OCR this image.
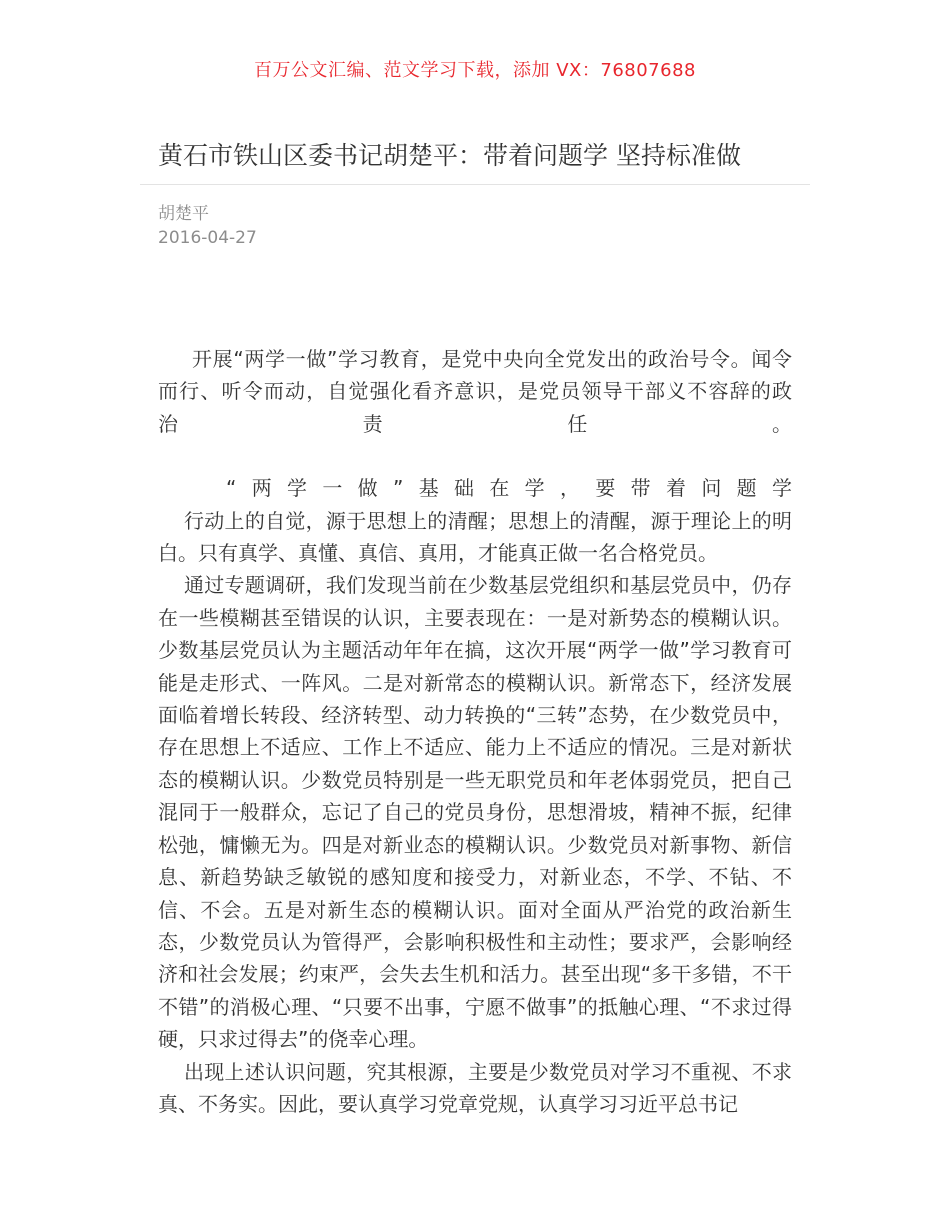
百万公文汇编、范文学习下载，添加 VX：76807688
黄石市铁山区委书记胡楚平：带着问题学 坚持标准做
胡楚平
2016-04-27

开展“两学一做”学习教育，是党中央向全党发出的政治号令。闻令

而行、听令而动，自觉强化看齐意识，是党员领导干部义不容辞的政

治　责　任　。

“两学一做”基础在学，要带着问题学

行动上的自觉，源于思想上的清醒；思想上的清醒，源于理论上的明白。只有真学、真懂、真信、真用，才能真正做一名合格党员。

通过专题调研，我们发现当前在少数基层党组织和基层党员中，仍存在一些模糊甚至错误的认识，主要表现在：一是对新势态的模糊认识。少数基层党员认为主题活动年年在搞，这次开展“两学一做”学习教育可能是走形式、一阵风。二是对新常态的模糊认识。新常态下，经济发展面临着增长转段、经济转型、动力转换的“三转”态势，在少数党员中，存在思想上不适应、工作上不适应、能力上不适应的情况。三是对新状态的模糊认识。少数党员特别是一些无职党员和年老体弱党员，把自己混同于一般群众，忘记了自己的党员身份，思想滑坡，精神不振，纪律松弛，慵懒无为。四是对新业态的模糊认识。少数党员对新事物、新信息、新趋势缺乏敏锐的感知度和接受力，对新业态，不学、不钻、不信、不会。五是对新生态的模糊认识。面对全面从严治党的政治新生态，少数党员认为管得严，会影响积极性和主动性；要求严，会影响经济和社会发展；约束严，会失去生机和活力。甚至出现“多干多错，不干不错”的消极心理、“只要不出事，宁愿不做事”的抵触心理、“不求过得硬，只求过得去”的侥幸心理。

出现上述认识问题，究其根源，主要是少数党员对学习不重视、不求真、不务实。因此，要认真学习党章党规，认真学习习近平总书记
